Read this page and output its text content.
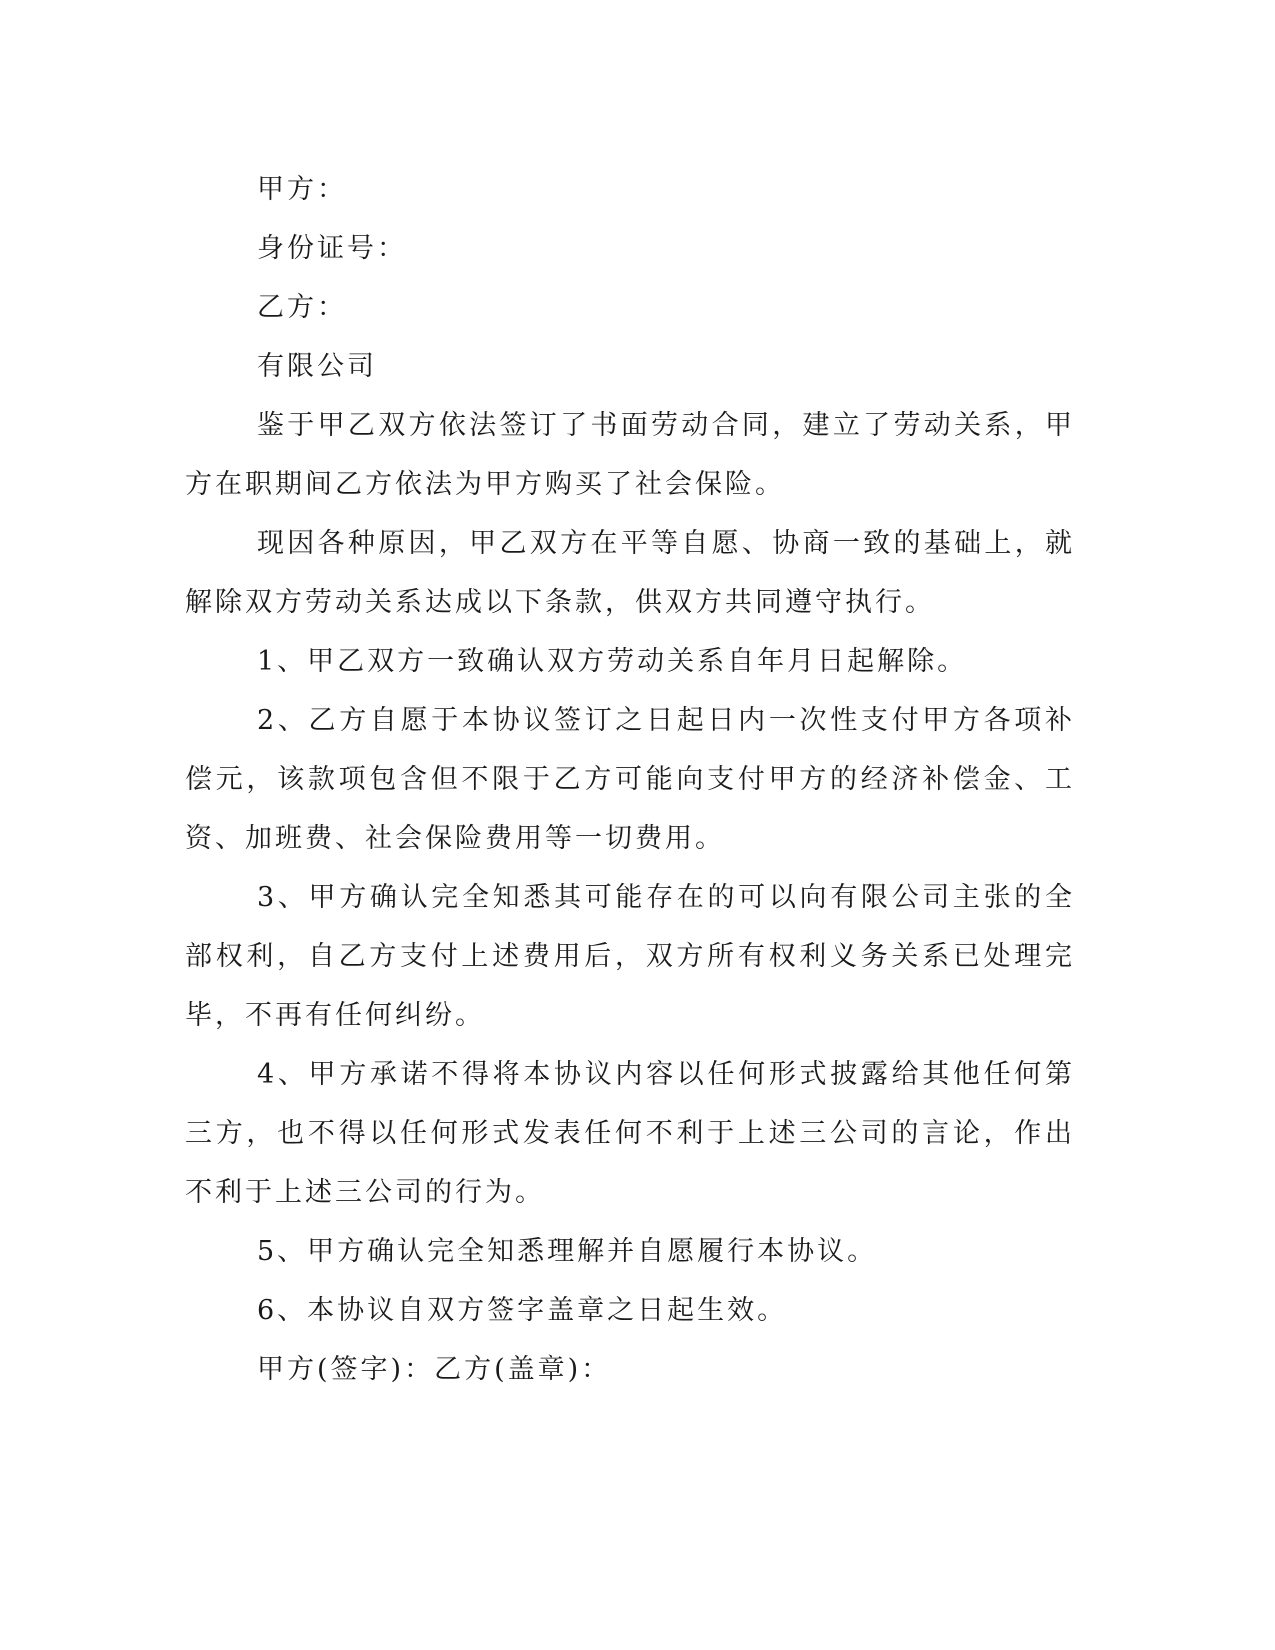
甲方：

身份证号：

乙方：

有限公司

鉴于甲乙双方依法签订了书面劳动合同，建立了劳动关系，甲方在职期间乙方依法为甲方购买了社会保险。

现因各种原因，甲乙双方在平等自愿、协商一致的基础上，就解除双方劳动关系达成以下条款，供双方共同遵守执行。

1、甲乙双方一致确认双方劳动关系自年月日起解除。

2、乙方自愿于本协议签订之日起日内一次性支付甲方各项补偿元，该款项包含但不限于乙方可能向支付甲方的经济补偿金、工资、加班费、社会保险费用等一切费用。

3、甲方确认完全知悉其可能存在的可以向有限公司主张的全部权利，自乙方支付上述费用后，双方所有权利义务关系已处理完毕，不再有任何纠纷。

4、甲方承诺不得将本协议内容以任何形式披露给其他任何第三方，也不得以任何形式发表任何不利于上述三公司的言论，作出不利于上述三公司的行为。

5、甲方确认完全知悉理解并自愿履行本协议。

6、本协议自双方签字盖章之日起生效。

甲方(签字)：乙方(盖章)：
